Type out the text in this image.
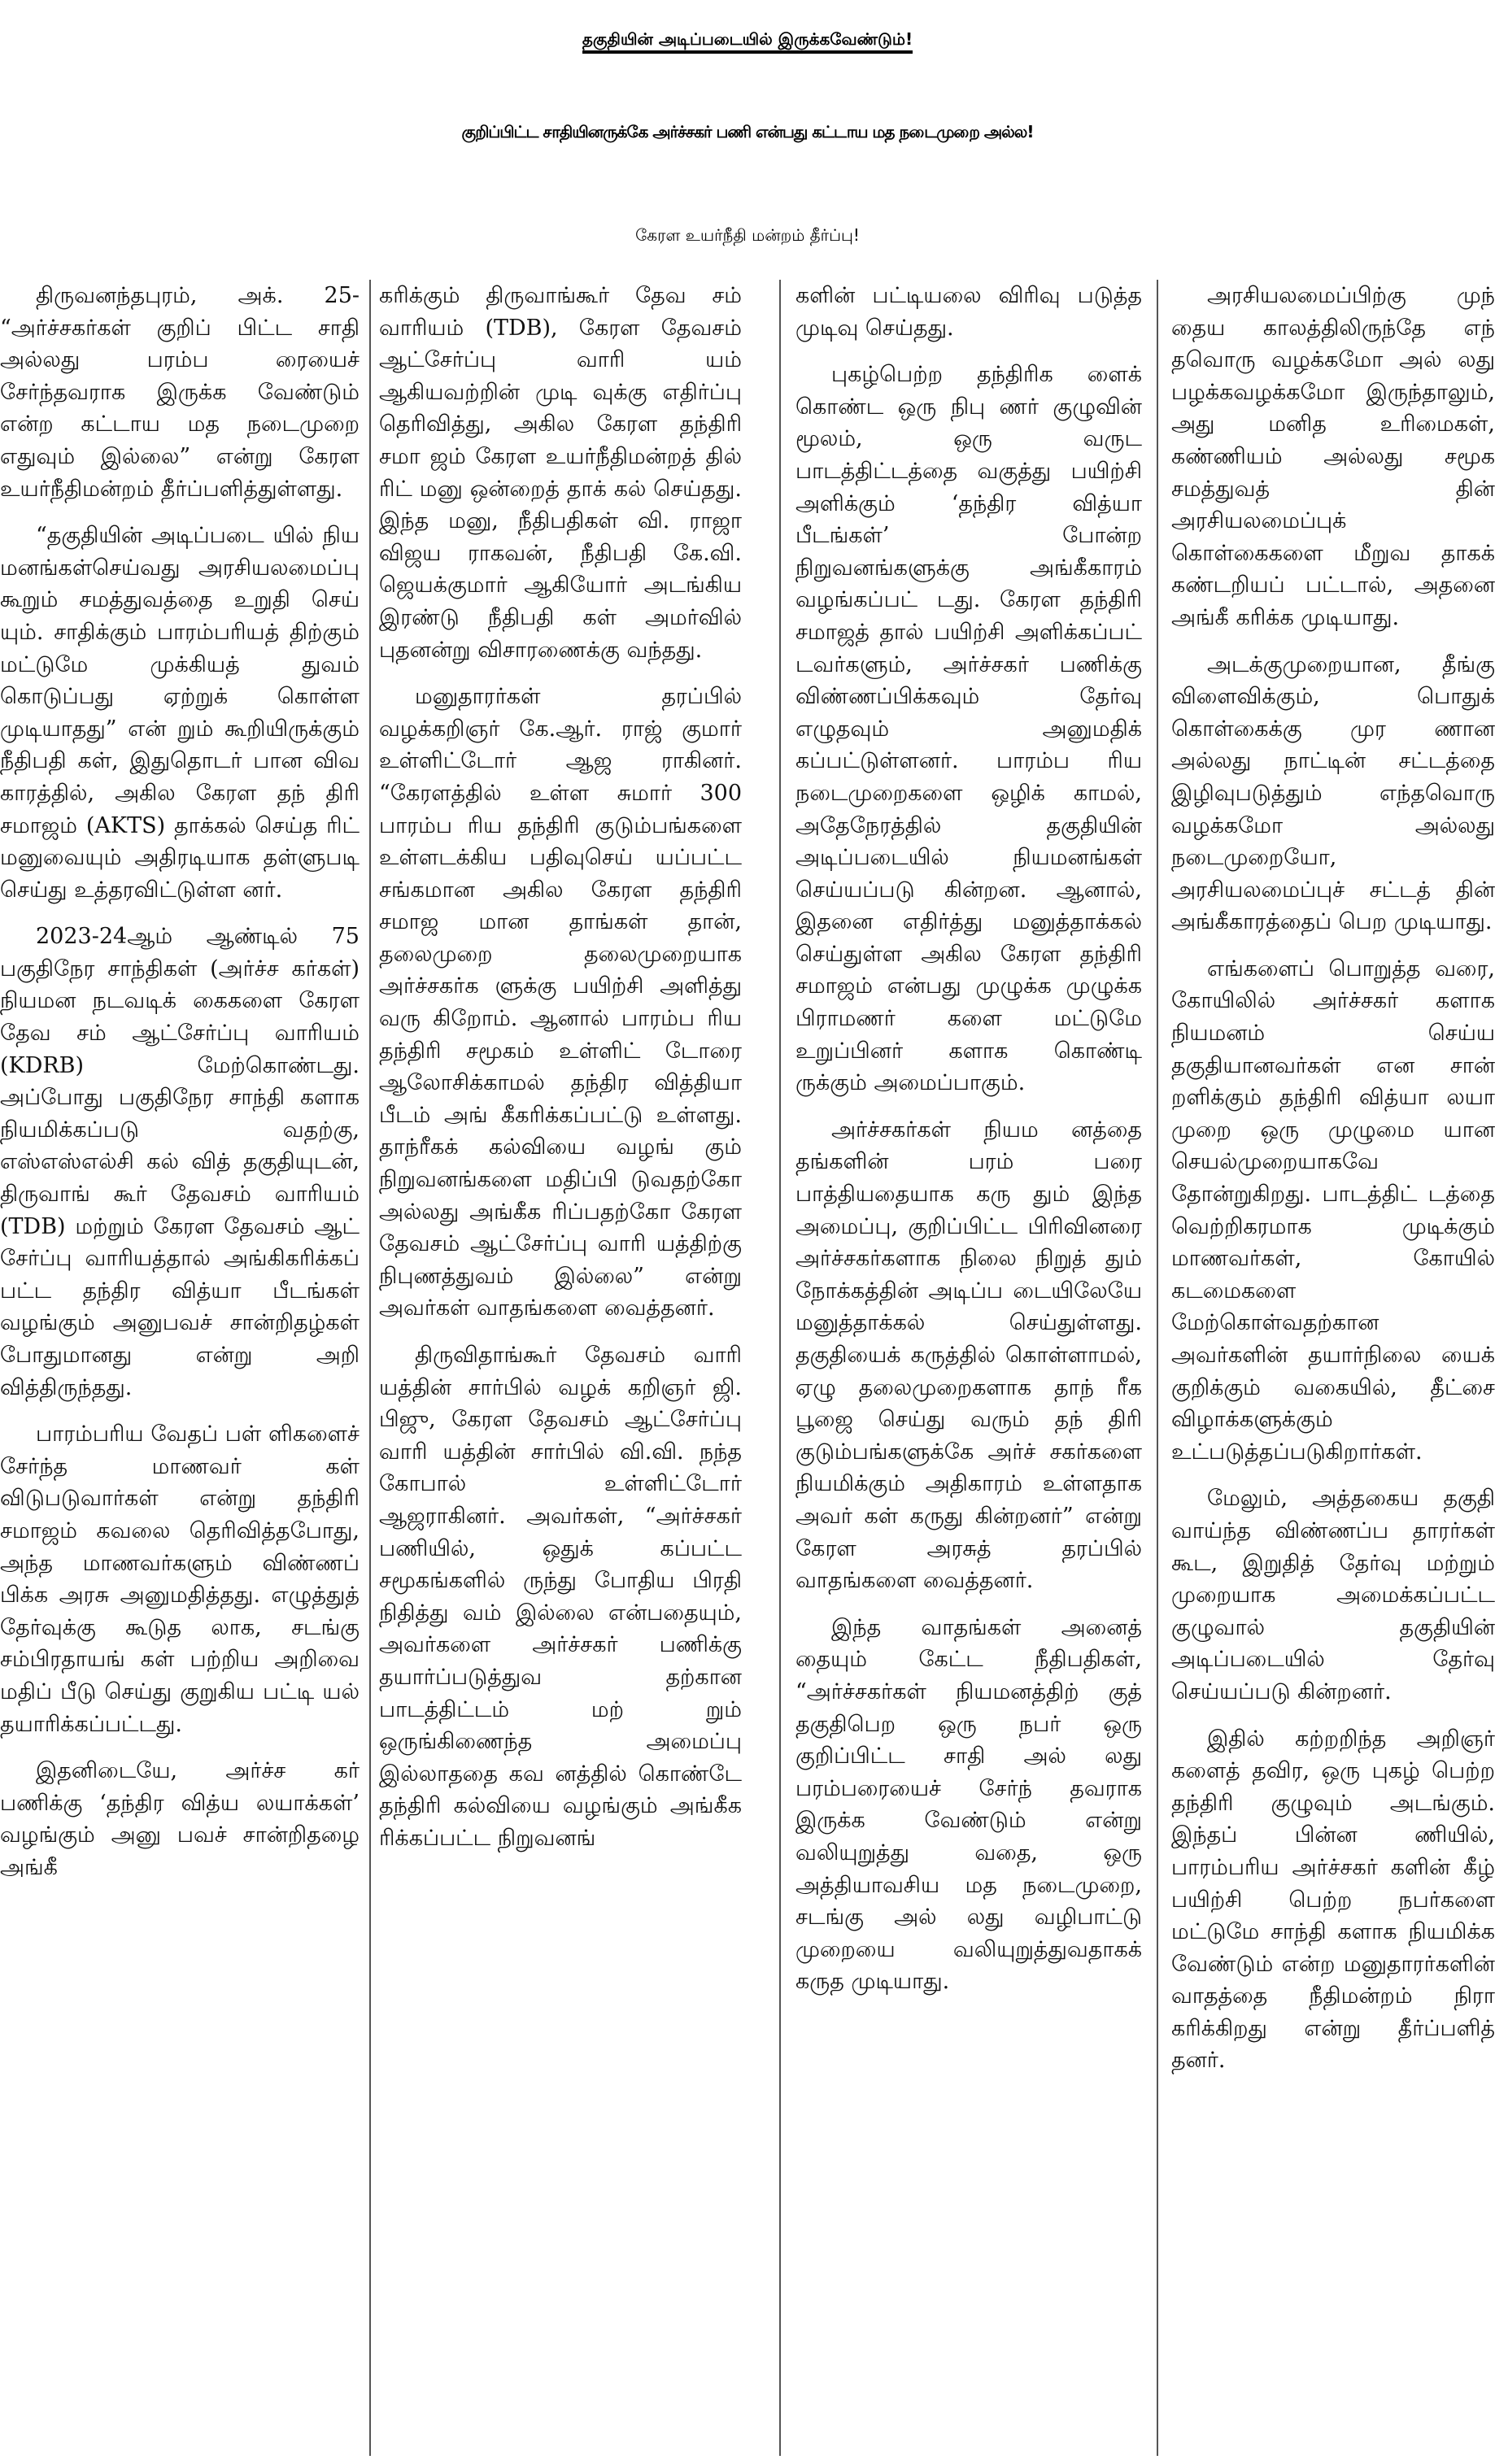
தகுதியின் அடிப்படையில் இருக்கவேண்டும்!
குறிப்பிட்ட சாதியினருக்கே அர்ச்சகர் பணி என்பது கட்டாய மத நடைமுறை அல்ல!
கேரள உயர்நீதி மன்றம் தீர்ப்பு!

திருவனந்தபுரம், அக். 25- “அர்ச்சகர்கள் குறிப் பிட்ட சாதி அல்லது பரம்ப ரையைச் சேர்ந்தவராக இருக்க வேண்டும் என்ற கட்டாய மத நடைமுறை எதுவும் இல்லை” என்று கேரள உயர்நீதிமன்றம் தீர்ப்பளித்துள்ளது.

“தகுதியின் அடிப்படை யில் நிய மனங்கள்செய்வது அரசியலமைப்பு கூறும் சமத்துவத்தை உறுதி செய் யும். சாதிக்கும் பாரம்பரியத் திற்கும் மட்டுமே முக்கியத் துவம் கொடுப்பது ஏற்றுக் கொள்ள முடியாதது” என் றும் கூறியிருக்கும் நீதிபதி கள், இதுதொடர் பான விவ காரத்தில், அகில கேரள தந் திரி சமாஜம் (AKTS) தாக்கல் செய்த ரிட் மனுவையும் அதிரடியாக தள்ளுபடி செய்து உத்தரவிட்டுள்ள னர்.

2023-24ஆம் ஆண்டில் 75 பகுதிநேர சாந்திகள் (அர்ச்ச கர்கள்) நியமன நடவடிக் கைகளை கேரள தேவ சம் ஆட்சேர்ப்பு வாரியம் (KDRB) மேற்கொண்டது. அப்போது பகுதிநேர சாந்தி களாக நியமிக்கப்படு வதற்கு, எஸ்எஸ்எல்சி கல் வித் தகுதியுடன், திருவாங் கூர் தேவசம் வாரியம் (TDB) மற்றும் கேரள தேவசம் ஆட் சேர்ப்பு வாரியத்தால் அங்கிகரிக்கப் பட்ட தந்திர வித்யா பீடங்கள் வழங்கும் அனுபவச் சான்றிதழ்கள் போதுமானது என்று அறி வித்திருந்தது.

பாரம்பரிய வேதப் பள் ளிகளைச் சேர்ந்த மாணவர் கள் விடுபடுவார்கள் என்று தந்திரி சமாஜம் கவலை தெரிவித்தபோது, அந்த மாணவர்களும் விண்ணப் பிக்க அரசு அனுமதித்தது. எழுத்துத் தேர்வுக்கு கூடுத லாக, சடங்கு சம்பிரதாயங் கள் பற்றிய அறிவை மதிப் பீடு செய்து குறுகிய பட்டி யல் தயாரிக்கப்பட்டது.

இதனிடையே, அர்ச்ச கர் பணிக்கு ‘தந்திர வித்ய லயாக்கள்’ வழங்கும் அனு பவச் சான்றிதழை அங்கீ

கரிக்கும் திருவாங்கூர் தேவ சம் வாரியம் (TDB), கேரள தேவசம் ஆட்சேர்ப்பு வாரி யம் ஆகியவற்றின் முடி வுக்கு எதிர்ப்பு தெரிவித்து, அகில கேரள தந்திரி சமா ஜம் கேரள உயர்நீதிமன்றத் தில் ரிட் மனு ஒன்றைத் தாக் கல் செய்தது. இந்த மனு, நீதிபதிகள் வி. ராஜா விஜய ராகவன், நீதிபதி கே.வி. ஜெயக்குமார் ஆகியோர் அடங்கிய இரண்டு நீதிபதி கள் அமர்வில் புதனன்று விசாரணைக்கு வந்தது.

மனுதாரர்கள் தரப்பில் வழக்கறிஞர் கே.ஆர். ராஜ் குமார் உள்ளிட்டோர் ஆஜ ராகினர். “கேரளத்தில் உள்ள சுமார் 300 பாரம்ப ரிய தந்திரி குடும்பங்களை உள்ளடக்கிய பதிவுசெய் யப்பட்ட சங்கமான அகில கேரள தந்திரி சமாஜ மான தாங்கள் தான், தலைமுறை தலைமுறையாக அர்ச்சகர்க ளுக்கு பயிற்சி அளித்து வரு கிறோம். ஆனால் பாரம்ப ரிய தந்திரி சமூகம் உள்ளிட் டோரை ஆலோசிக்காமல் தந்திர வித்தியா பீடம் அங் கீகரிக்கப்பட்டு உள்ளது. தாந்ரீகக் கல்வியை வழங் கும் நிறுவனங்களை மதிப்பி டுவதற்கோ அல்லது அங்கீக ரிப்பதற்கோ கேரள தேவசம் ஆட்சேர்ப்பு வாரி யத்திற்கு நிபுணத்துவம் இல்லை” என்று அவர்கள் வாதங்களை வைத்தனர்.

திருவிதாங்கூர் தேவசம் வாரி யத்தின் சார்பில் வழக் கறிஞர் ஜி. பிஜு, கேரள தேவசம் ஆட்சேர்ப்பு வாரி யத்தின் சார்பில் வி.வி. நந்த கோபால் உள்ளிட்டோர் ஆஜராகினர். அவர்கள், “அர்ச்சகர் பணியில், ஒதுக் கப்பட்ட சமூகங்களில் ருந்து போதிய பிரதி நிதித்து வம் இல்லை என்பதையும், அவர்களை அர்ச்சகர் பணிக்கு தயார்ப்படுத்துவ தற்கான பாடத்திட்டம் மற் றும் ஒருங்கிணைந்த அமைப்பு இல்லாததை கவ னத்தில் கொண்டே தந்திரி கல்வியை வழங்கும் அங்கீக ரிக்கப்பட்ட நிறுவனங்

களின் பட்டியலை விரிவு படுத்த முடிவு செய்தது.

புகழ்பெற்ற தந்திரிக ளைக் கொண்ட ஒரு நிபு ணர் குழுவின் மூலம், ஒரு வருட பாடத்திட்டத்தை வகுத்து பயிற்சி அளிக்கும் ‘தந்திர வித்யா பீடங்கள்’ போன்ற நிறுவனங்களுக்கு அங்கீகாரம் வழங்கப்பட் டது. கேரள தந்திரி சமாஜத் தால் பயிற்சி அளிக்கப்பட் டவர்களும், அர்ச்சகர் பணிக்கு விண்ணப்பிக்கவும் தேர்வு எழுதவும் அனுமதிக் கப்பட்டுள்ளனர். பாரம்ப ரிய நடைமுறைகளை ஒழிக் காமல், அதேநேரத்தில் தகுதியின் அடிப்படையில் நியமனங்கள் செய்யப்படு கின்றன. ஆனால், இதனை எதிர்த்து மனுத்தாக்கல் செய்துள்ள அகில கேரள தந்திரி சமாஜம் என்பது முழுக்க முழுக்க பிராமணர் களை மட்டுமே உறுப்பினர் களாக கொண்டி ருக்கும் அமைப்பாகும்.

அர்ச்சகர்கள் நியம னத்தை தங்களின் பரம் பரை பாத்தியதையாக கரு தும் இந்த அமைப்பு, குறிப்பிட்ட பிரிவினரை அர்ச்சகர்களாக நிலை நிறுத் தும் நோக்கத்தின் அடிப்ப டையிலேயே மனுத்தாக்கல் செய்துள்ளது. தகுதியைக் கருத்தில் கொள்ளாமல், ஏழு தலைமுறைகளாக தாந் ரீக பூஜை செய்து வரும் தந் திரி குடும்பங்களுக்கே அர்ச் சகர்களை நியமிக்கும் அதிகாரம் உள்ளதாக அவர் கள் கருது கின்றனர்” என்று கேரள அரசுத் தரப்பில் வாதங்களை வைத்தனர்.

இந்த வாதங்கள் அனைத் தையும் கேட்ட நீதிபதிகள், “அர்ச்சகர்கள் நியமனத்திற் குத் தகுதிபெற ஒரு நபர் ஒரு குறிப்பிட்ட சாதி அல் லது பரம்பரையைச் சேர்ந் தவராக இருக்க வேண்டும் என்று வலியுறுத்து வதை, ஒரு அத்தியாவசிய மத நடைமுறை, சடங்கு அல் லது வழிபாட்டு முறையை வலியுறுத்துவதாகக் கருத முடியாது.

அரசியலமைப்பிற்கு முந் தைய காலத்திலிருந்தே எந் தவொரு வழக்கமோ அல் லது பழக்கவழக்கமோ இருந்தாலும், அது மனித உரிமைகள், கண்ணியம் அல்லது சமூக சமத்துவத் தின் அரசியலமைப்புக் கொள்கைகளை மீறுவ தாகக் கண்டறியப் பட்டால், அதனை அங்கீ கரிக்க முடியாது.

அடக்குமுறையான, தீங்கு விளைவிக்கும், பொதுக் கொள்கைக்கு முர ணான அல்லது நாட்டின் சட்டத்தை இழிவுபடுத்தும் எந்தவொரு வழக்கமோ அல்லது நடைமுறையோ, அரசியலமைப்புச் சட்டத் தின் அங்கீகாரத்தைப் பெற முடியாது.

எங்களைப் பொறுத்த வரை, கோயிலில் அர்ச்சகர் களாக நியமனம் செய்ய தகுதியானவர்கள் என சான் றளிக்கும் தந்திரி வித்யா லயா முறை ஒரு முழுமை யான செயல்முறையாகவே தோன்றுகிறது. பாடத்திட் டத்தை வெற்றிகரமாக முடிக்கும் மாணவர்கள், கோயில் கடமைகளை மேற்கொள்வதற்கான அவர்களின் தயார்நிலை யைக் குறிக்கும் வகையில், தீட்சை விழாக்களுக்கும் உட்படுத்தப்படுகிறார்கள்.

மேலும், அத்தகைய தகுதி வாய்ந்த விண்ணப்ப தாரர்கள் கூட, இறுதித் தேர்வு மற்றும் முறையாக அமைக்கப்பட்ட குழுவால் தகுதியின் அடிப்படையில் தேர்வு செய்யப்படு கின்றனர்.

இதில் கற்றறிந்த அறிஞர் களைத் தவிர, ஒரு புகழ் பெற்ற தந்திரி குழுவும் அடங்கும். இந்தப் பின்ன ணியில், பாரம்பரிய அர்ச்சகர் களின் கீழ் பயிற்சி பெற்ற நபர்களை மட்டுமே சாந்தி களாக நியமிக்க வேண்டும் என்ற மனுதாரர்களின் வாதத்தை நீதிமன்றம் நிரா கரிக்கிறது என்று தீர்ப்பளித் தனர்.
